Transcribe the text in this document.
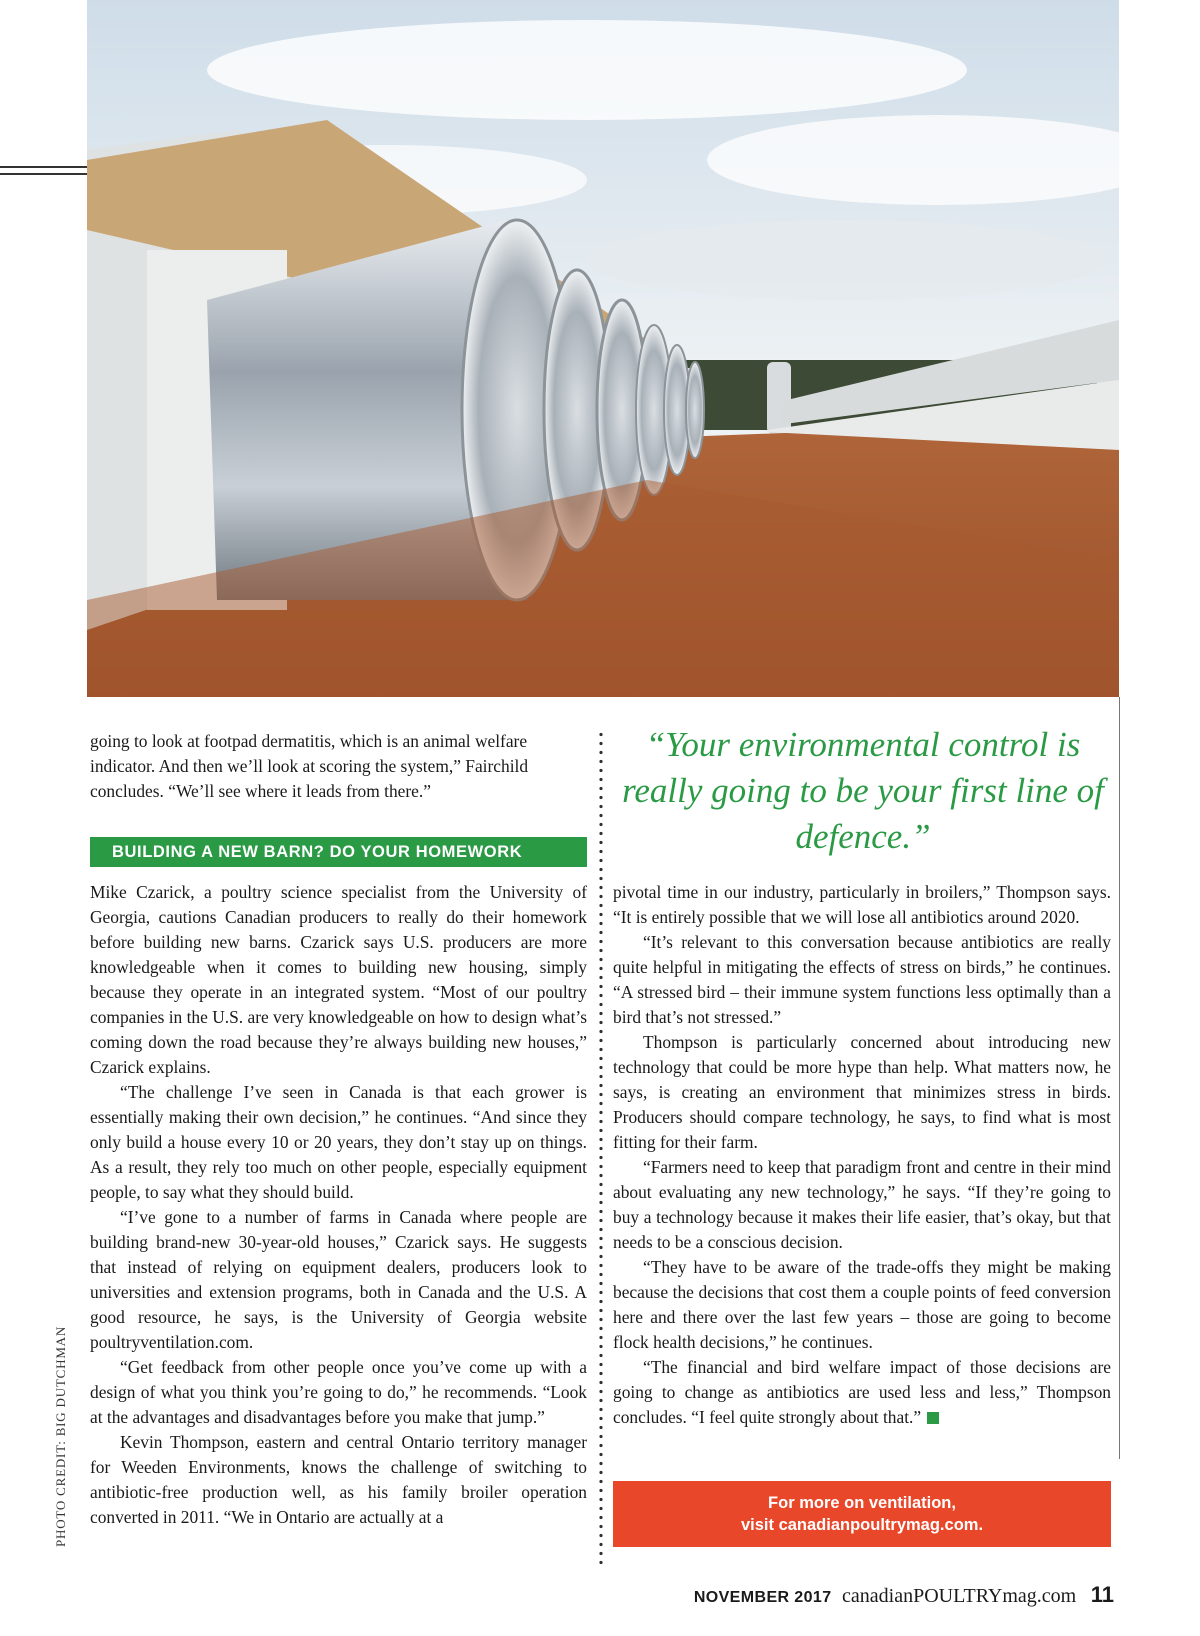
going to look at footpad dermatitis, which is an animal welfare indicator. And then we’ll look at scoring the system,” Fairchild concludes. “We’ll see where it leads from there.”

BUILDING A NEW BARN? DO YOUR HOMEWORK

Mike Czarick, a poultry science specialist from the University of Georgia, cautions Canadian producers to really do their homework before building new barns. Czarick says U.S. producers are more knowledgeable when it comes to building new housing, simply because they operate in an integrated system. “Most of our poultry companies in the U.S. are very knowledgeable on how to design what’s coming down the road because they’re always building new houses,” Czarick explains.

“The challenge I’ve seen in Canada is that each grower is essentially making their own decision,” he continues. “And since they only build a house every 10 or 20 years, they don’t stay up on things. As a result, they rely too much on other people, especially equipment people, to say what they should build.

“I’ve gone to a number of farms in Canada where people are building brand-new 30-year-old houses,” Czarick says. He suggests that instead of relying on equipment dealers, producers look to universities and extension programs, both in Canada and the U.S. A good resource, he says, is the University of Georgia website poultryventilation.com.

“Get feedback from other people once you’ve come up with a design of what you think you’re going to do,” he recommends. “Look at the advantages and disadvantages before you make that jump.”

Kevin Thompson, eastern and central Ontario territory manager for Weeden Environments, knows the challenge of switching to antibiotic-free production well, as his family broiler operation converted in 2011. “We in Ontario are actually at a

“Your environmental control is really going to be your first line of defence.”

pivotal time in our industry, particularly in broilers,” Thompson says. “It is entirely possible that we will lose all antibiotics around 2020.

“It’s relevant to this conversation because antibiotics are really quite helpful in mitigating the effects of stress on birds,” he continues. “A stressed bird – their immune system functions less optimally than a bird that’s not stressed.”

Thompson is particularly concerned about introducing new technology that could be more hype than help. What matters now, he says, is creating an environment that minimizes stress in birds. Producers should compare technology, he says, to find what is most fitting for their farm.

“Farmers need to keep that paradigm front and centre in their mind about evaluating any new technology,” he says. “If they’re going to buy a technology because it makes their life easier, that’s okay, but that needs to be a conscious decision.

“They have to be aware of the trade-offs they might be making because the decisions that cost them a couple points of feed conversion here and there over the last few years – those are going to become flock health decisions,” he continues.

“The financial and bird welfare impact of those decisions are going to change as antibiotics are used less and less,” Thompson concludes. “I feel quite strongly about that.”

For more on ventilation,
visit canadianpoultrymag.com.
PHOTO CREDIT: BIG DUTCHMAN
NOVEMBER 2017 canadianPOULTRYmag.com 11
